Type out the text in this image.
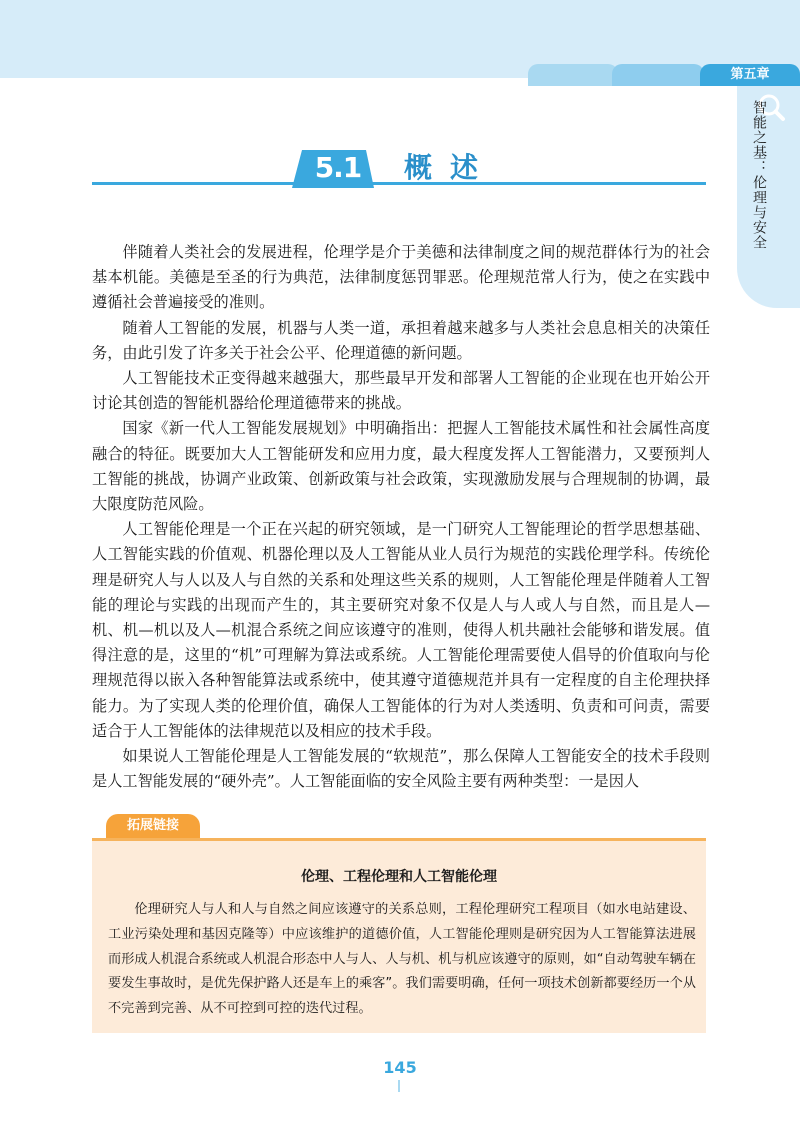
第五章
智能之基：伦理与安全
5.1	概述

伴随着人类社会的发展进程，伦理学是介于美德和法律制度之间的规范群体行为的社会基本机能。美德是至圣的行为典范，法律制度惩罚罪恶。伦理规范常人行为，使之在实践中遵循社会普遍接受的准则。

随着人工智能的发展，机器与人类一道，承担着越来越多与人类社会息息相关的决策任务，由此引发了许多关于社会公平、伦理道德的新问题。

人工智能技术正变得越来越强大，那些最早开发和部署人工智能的企业现在也开始公开讨论其创造的智能机器给伦理道德带来的挑战。

国家《新一代人工智能发展规划》中明确指出：把握人工智能技术属性和社会属性高度融合的特征。既要加大人工智能研发和应用力度，最大程度发挥人工智能潜力，又要预判人工智能的挑战，协调产业政策、创新政策与社会政策，实现激励发展与合理规制的协调，最大限度防范风险。

人工智能伦理是一个正在兴起的研究领域，是一门研究人工智能理论的哲学思想基础、人工智能实践的价值观、机器伦理以及人工智能从业人员行为规范的实践伦理学科。传统伦理是研究人与人以及人与自然的关系和处理这些关系的规则，人工智能伦理是伴随着人工智能的理论与实践的出现而产生的，其主要研究对象不仅是人与人或人与自然，而且是人—机、机—机以及人—机混合系统之间应该遵守的准则，使得人机共融社会能够和谐发展。值得注意的是，这里的“机”可理解为算法或系统。人工智能伦理需要使人倡导的价值取向与伦理规范得以嵌入各种智能算法或系统中，使其遵守道德规范并具有一定程度的自主伦理抉择能力。为了实现人类的伦理价值，确保人工智能体的行为对人类透明、负责和可问责，需要适合于人工智能体的法律规范以及相应的技术手段。

如果说人工智能伦理是人工智能发展的“软规范”，那么保障人工智能安全的技术手段则是人工智能发展的“硬外壳”。人工智能面临的安全风险主要有两种类型：一是因人

拓展链接
伦理、工程伦理和人工智能伦理

伦理研究人与人和人与自然之间应该遵守的关系总则，工程伦理研究工程项目（如水电站建设、工业污染处理和基因克隆等）中应该维护的道德价值，人工智能伦理则是研究因为人工智能算法进展而形成人机混合系统或人机混合形态中人与人、人与机、机与机应该遵守的原则，如“自动驾驶车辆在要发生事故时，是优先保护路人还是车上的乘客”。我们需要明确，任何一项技术创新都要经历一个从不完善到完善、从不可控到可控的迭代过程。

145
